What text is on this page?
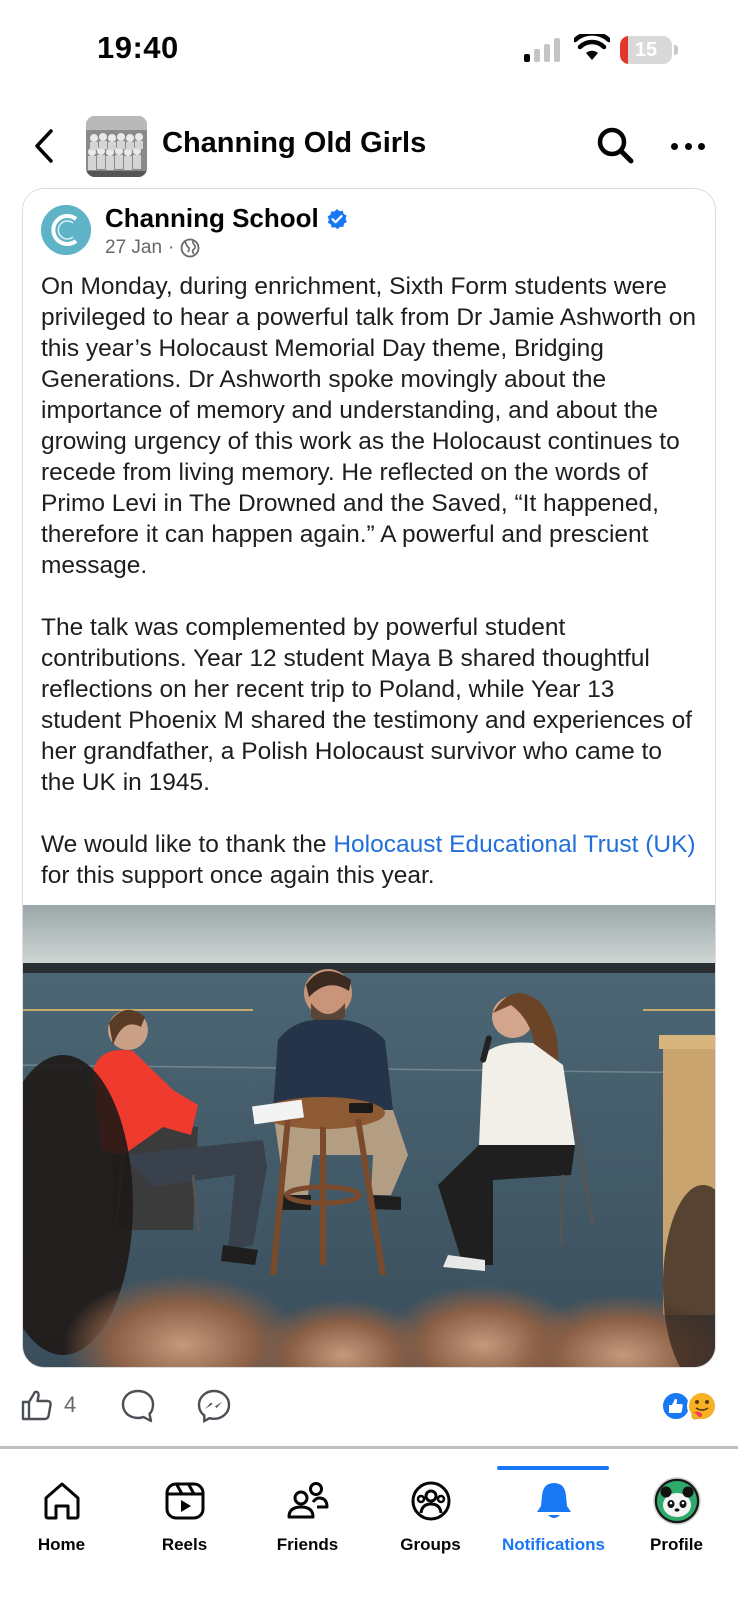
19:40	15
Channing Old Girls
Channing School
27 Jan ·

On Monday, during enrichment, Sixth Form students were privileged to hear a powerful talk from Dr Jamie Ashworth on this year’s Holocaust Memorial Day theme, Bridging Generations. Dr Ashworth spoke movingly about the importance of memory and understanding, and about the growing urgency of this work as the Holocaust continues to recede from living memory. He reflected on the words of Primo Levi in The Drowned and the Saved, “It happened, therefore it can happen again.” A powerful and prescient message.

The talk was complemented by powerful student contributions. Year 12 student Maya B shared thoughtful reflections on her recent trip to Poland, while Year 13 student Phoenix M shared the testimony and experiences of her grandfather, a Polish Holocaust survivor who came to the UK in 1945.

We would like to thank the Holocaust Educational Trust (UK) for this support once again this year.

4
Home	Reels	Friends	Groups	Notifications	Profile
